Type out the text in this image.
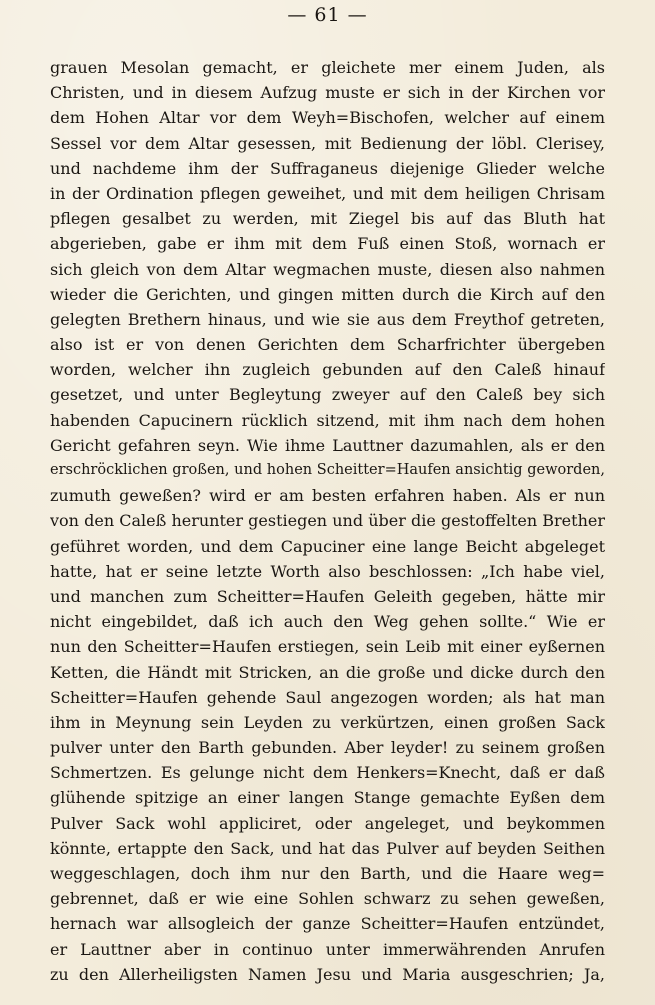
— 61 —
grauen Mesolan gemacht, er gleichete mer einem Juden, als
Christen, und in diesem Aufzug muste er sich in der Kirchen vor
dem Hohen Altar vor dem Weyh=Bischofen, welcher auf einem
Sessel vor dem Altar gesessen, mit Bedienung der löbl. Clerisey,
und nachdeme ihm der Suffraganeus diejenige Glieder welche
in der Ordination pflegen geweihet, und mit dem heiligen Chrisam
pflegen gesalbet zu werden, mit Ziegel bis auf das Bluth hat
abgerieben, gabe er ihm mit dem Fuß einen Stoß, wornach er
sich gleich von dem Altar wegmachen muste, diesen also nahmen
wieder die Gerichten, und gingen mitten durch die Kirch auf den
gelegten Brethern hinaus, und wie sie aus dem Freythof getreten,
also ist er von denen Gerichten dem Scharfrichter übergeben
worden, welcher ihn zugleich gebunden auf den Caleß hinauf
gesetzet, und unter Begleytung zweyer auf den Caleß bey sich
habenden Capucinern rücklich sitzend, mit ihm nach dem hohen
Gericht gefahren seyn. Wie ihme Lauttner dazumahlen, als er den
erschröcklichen großen, und hohen Scheitter=Haufen ansichtig geworden,
zumuth geweßen? wird er am besten erfahren haben. Als er nun
von den Caleß herunter gestiegen und über die gestoffelten Brether
geführet worden, und dem Capuciner eine lange Beicht abgeleget
hatte, hat er seine letzte Worth also beschlossen: „Ich habe viel,
und manchen zum Scheitter=Haufen Geleith gegeben, hätte mir
nicht eingebildet, daß ich auch den Weg gehen sollte.“ Wie er
nun den Scheitter=Haufen erstiegen, sein Leib mit einer eyßernen
Ketten, die Händt mit Stricken, an die große und dicke durch den
Scheitter=Haufen gehende Saul angezogen worden; als hat man
ihm in Meynung sein Leyden zu verkürtzen, einen großen Sack
pulver unter den Barth gebunden. Aber leyder! zu seinem großen
Schmertzen. Es gelunge nicht dem Henkers=Knecht, daß er daß
glühende spitzige an einer langen Stange gemachte Eyßen dem
Pulver Sack wohl appliciret, oder angeleget, und beykommen
könnte, ertappte den Sack, und hat das Pulver auf beyden Seithen
weggeschlagen, doch ihm nur den Barth, und die Haare weg=
gebrennet, daß er wie eine Sohlen schwarz zu sehen geweßen,
hernach war allsogleich der ganze Scheitter=Haufen entzündet,
er Lauttner aber in continuo unter immerwährenden Anrufen
zu den Allerheiligsten Namen Jesu und Maria ausgeschrien; Ja,
